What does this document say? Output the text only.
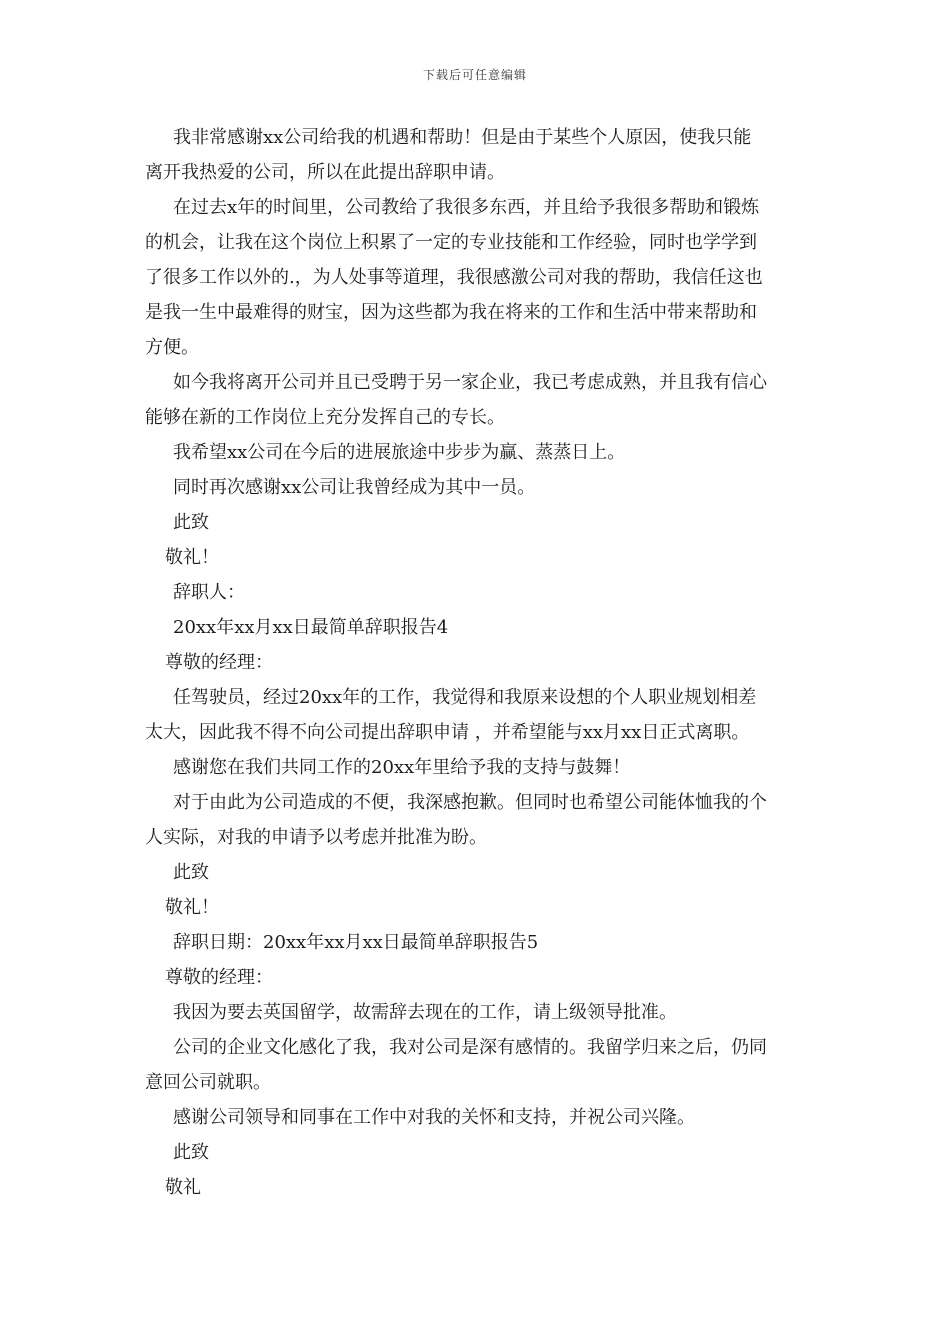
下载后可任意编辑
我非常感谢xx公司给我的机遇和帮助！但是由于某些个人原因，使我只能
离开我热爱的公司，所以在此提出辞职申请。
在过去x年的时间里，公司教给了我很多东西，并且给予我很多帮助和锻炼
的机会，让我在这个岗位上积累了一定的专业技能和工作经验，同时也学学到
了很多工作以外的.，为人处事等道理，我很感激公司对我的帮助，我信任这也
是我一生中最难得的财宝，因为这些都为我在将来的工作和生活中带来帮助和
方便。
如今我将离开公司并且已受聘于另一家企业，我已考虑成熟，并且我有信心
能够在新的工作岗位上充分发挥自己的专长。
我希望xx公司在今后的进展旅途中步步为赢、蒸蒸日上。
同时再次感谢xx公司让我曾经成为其中一员。
此致
敬礼！
辞职人：
20xx年xx月xx日最简单辞职报告4
尊敬的经理：
任驾驶员，经过20xx年的工作，我觉得和我原来设想的个人职业规划相差
太大，因此我不得不向公司提出辞职申请 ，并希望能与xx月xx日正式离职。
感谢您在我们共同工作的20xx年里给予我的支持与鼓舞！
对于由此为公司造成的不便，我深感抱歉。但同时也希望公司能体恤我的个
人实际，对我的申请予以考虑并批准为盼。
此致
敬礼！
辞职日期：20xx年xx月xx日最简单辞职报告5
尊敬的经理：
我因为要去英国留学，故需辞去现在的工作，请上级领导批准。
公司的企业文化感化了我，我对公司是深有感情的。我留学归来之后，仍同
意回公司就职。
感谢公司领导和同事在工作中对我的关怀和支持，并祝公司兴隆。
此致
敬礼
